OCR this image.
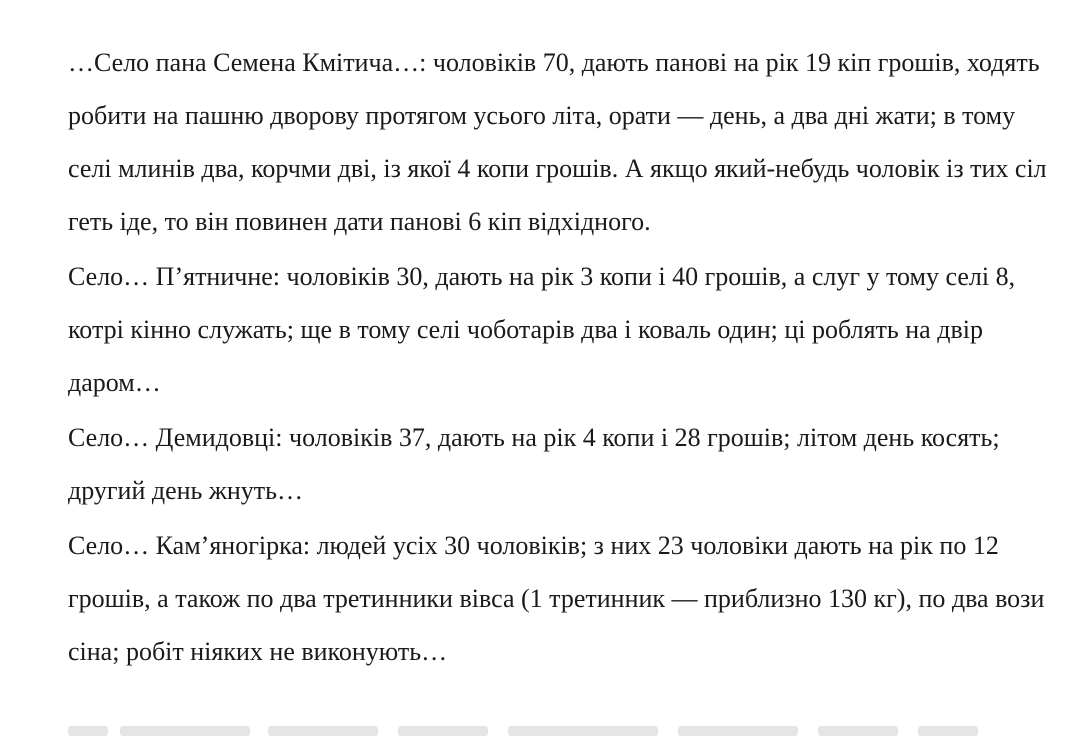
…Село пана Семена Кмітича…: чоловіків 70, дають панові на рік 19 кіп грошів, ходять робити на пашню дворову протягом усього літа, орати — день, а два дні жати; в тому селі млинів два, корчми дві, із якої 4 копи грошів. А якщо який-небудь чоловік із тих сіл геть іде, то він повинен дати панові 6 кіп відхідного.

Село… П’ятничне: чоловіків 30, дають на рік 3 копи і 40 грошів, а слуг у тому селі 8, котрі кінно служать; ще в тому селі чоботарів два і коваль один; ці роблять на двір даром…

Село… Демидовці: чоловіків 37, дають на рік 4 копи і 28 грошів; літом день косять; другий день жнуть…

Село… Кам’яногірка: людей усіх 30 чоловіків; з них 23 чоловіки дають на рік по 12 грошів, а також по два третинники вівса (1 третинник — приблизно 130 кг), по два вози сіна; робіт ніяких не виконують…
